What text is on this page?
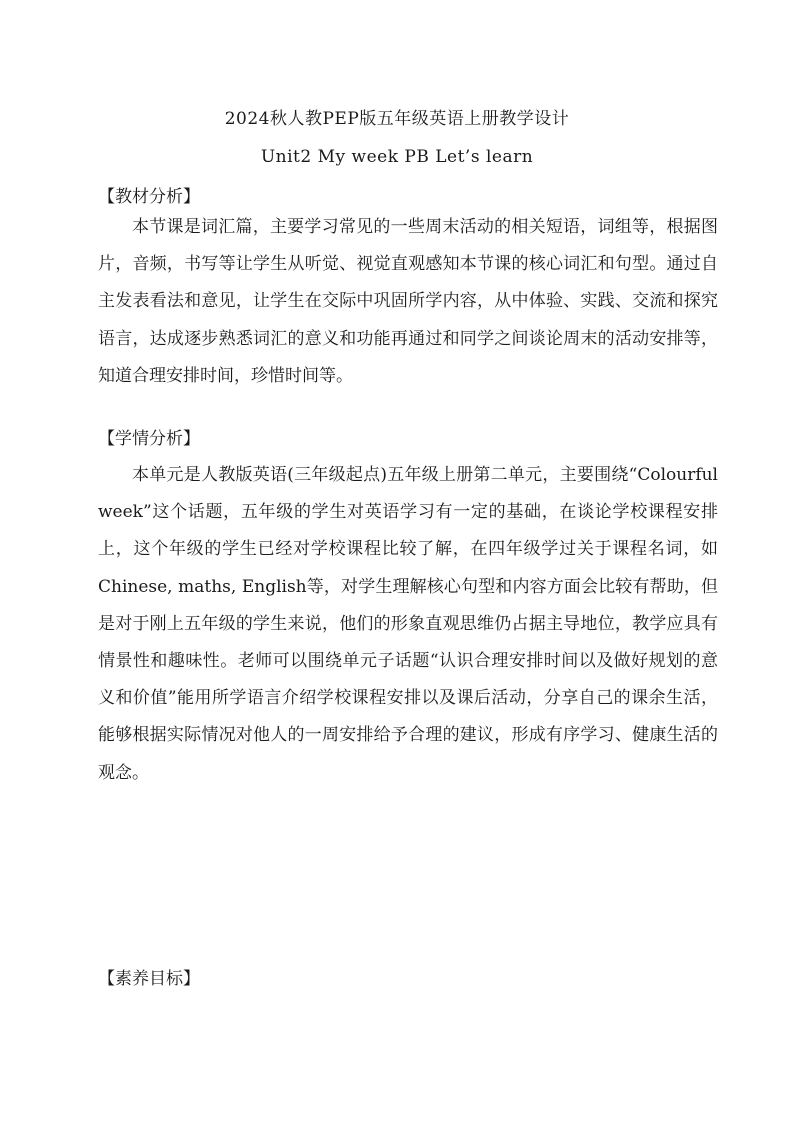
2024秋人教PEP版五年级英语上册教学设计
Unit2 My week PB Let’s learn
【教材分析】

本节课是词汇篇，主要学习常见的一些周末活动的相关短语，词组等，根据图片，音频，书写等让学生从听觉、视觉直观感知本节课的核心词汇和句型。通过自主发表看法和意见，让学生在交际中巩固所学内容，从中体验、实践、交流和探究语言，达成逐步熟悉词汇的意义和功能再通过和同学之间谈论周末的活动安排等，知道合理安排时间，珍惜时间等。

【学情分析】

本单元是人教版英语(三年级起点)五年级上册第二单元，主要围绕“Colourful week”这个话题，五年级的学生对英语学习有一定的基础，在谈论学校课程安排上，这个年级的学生已经对学校课程比较了解，在四年级学过关于课程名词，如Chinese, maths, English等，对学生理解核心句型和内容方面会比较有帮助，但是对于刚上五年级的学生来说，他们的形象直观思维仍占据主导地位，教学应具有情景性和趣味性。老师可以围绕单元子话题“认识合理安排时间以及做好规划的意义和价值”能用所学语言介绍学校课程安排以及课后活动，分享自己的课余生活，能够根据实际情况对他人的一周安排给予合理的建议，形成有序学习、健康生活的观念。

【素养目标】
